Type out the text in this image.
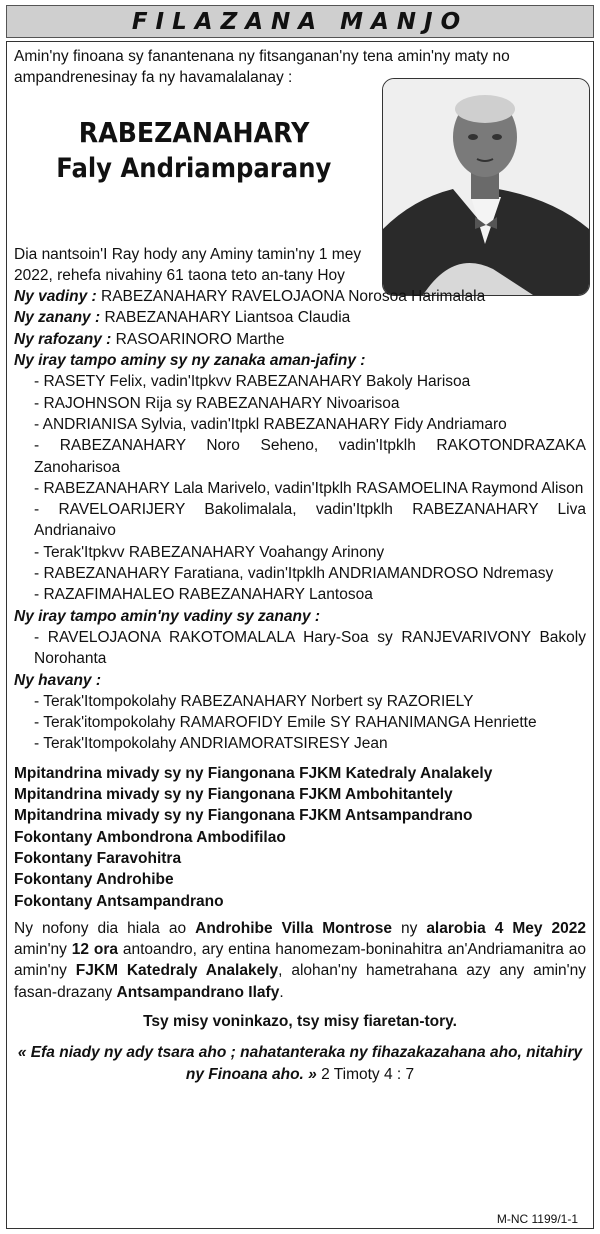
FILAZANA MANJO

Amin'ny finoana sy fanantenana ny fitsanganan'ny tena amin'ny maty no ampandrenesinay fa ny havamalalanay :

RABEZANAHARY
Faly Andriamparany

Dia nantsoin'I Ray hody any Aminy tamin'ny 1 mey 2022, rehefa nivahiny 61 taona teto an-tany Hoy

Ny vadiny : RABEZANAHARY RAVELOJAONA Norosoa Harimalala

Ny zanany : RABEZANAHARY Liantsoa Claudia

Ny rafozany : RASOARINORO Marthe

Ny iray tampo aminy sy ny zanaka aman-jafiny :

- RASETY Felix, vadin'Itpkvv RABEZANAHARY Bakoly Harisoa

- RAJOHNSON Rija sy RABEZANAHARY Nivoarisoa

- ANDRIANISA Sylvia, vadin'Itpkl RABEZANAHARY Fidy Andriamaro

- RABEZANAHARY Noro Seheno, vadin'Itpklh RAKOTONDRAZAKA Zanoharisoa

- RABEZANAHARY Lala Marivelo, vadin'Itpklh RASAMOELINA Raymond Alison

- RAVELOARIJERY Bakolimalala, vadin'Itpklh RABEZANAHARY Liva Andrianaivo

- Terak'Itpkvv RABEZANAHARY Voahangy Arinony

- RABEZANAHARY Faratiana, vadin'Itpklh ANDRIAMANDROSO Ndremasy

- RAZAFIMAHALEO RABEZANAHARY Lantosoa

Ny iray tampo amin'ny vadiny sy zanany :

- RAVELOJAONA RAKOTOMALALA Hary-Soa sy RANJEVARIVONY Bakoly Norohanta

Ny havany :

- Terak'Itompokolahy RABEZANAHARY Norbert sy RAZORIELY

- Terak'itompokolahy RAMAROFIDY Emile SY RAHANIMANGA Henriette

- Terak'Itompokolahy ANDRIAMORATSIRESY Jean

Mpitandrina mivady sy ny Fiangonana FJKM Katedraly Analakely

Mpitandrina mivady sy ny Fiangonana FJKM Ambohitantely

Mpitandrina mivady sy ny Fiangonana FJKM Antsampandrano

Fokontany Ambondrona Ambodifilao

Fokontany Faravohitra

Fokontany Androhibe

Fokontany Antsampandrano

Ny nofony dia hiala ao Androhibe Villa Montrose ny alarobia 4 Mey 2022 amin'ny 12 ora antoandro, ary entina hanomezam-boninahitra an'Andriamanitra ao amin'ny FJKM Katedraly Analakely, alohan'ny hametrahana azy any amin'ny fasan-drazany Antsampandrano Ilafy.

Tsy misy voninkazo, tsy misy fiaretan-tory.

« Efa niady ny ady tsara aho ; nahatanteraka ny fihazakazahana aho, nitahiry ny Finoana aho. » 2 Timoty 4 : 7

M-NC 1199/1-1
